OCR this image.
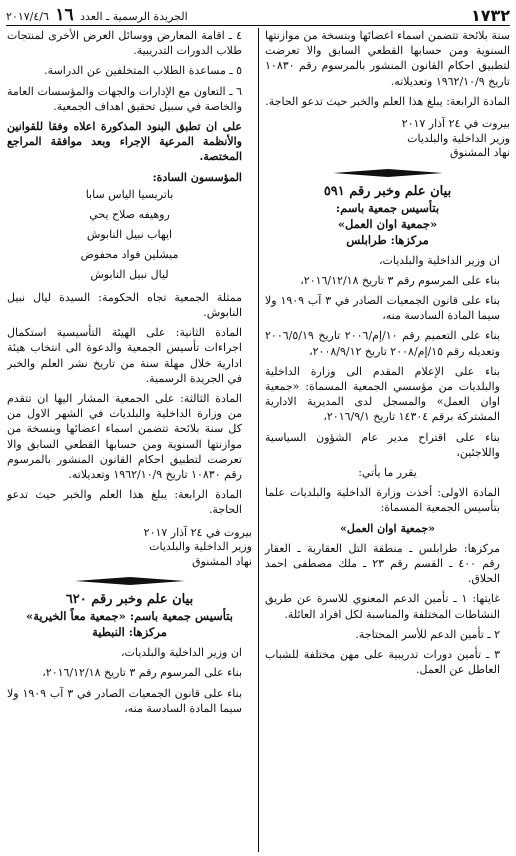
١٧٣٢
الجريدة الرسمية ـ العدد ١٦ ٢٠١٧/٤/٦

سنة بلائحة تتضمن اسماء اعضائها وبنسخة من موازنتها السنوية ومن حسابها القطعي السابق والا تعرضت لتطبيق احكام القانون المنشور بالمرسوم رقم ١٠٨٣٠ تاريخ ١٩٦٢/١٠/٩ وتعديلاته.

المادة الرابعة: يبلغ هذا العلم والخبر حيث تدعو الحاجة.

بيروت في ٢٤ آذار ٢٠١٧

وزير الداخلية والبلديات

نهاد المشنوق

بيان علم وخبر رقم ٥٩١

بتأسيس جمعية باسم:

«جمعية اوان العمل»

مركزها: طرابلس

ان وزير الداخلية والبلديات،

بناء على المرسوم رقم ٣ تاريخ ٢٠١٦/١٢/١٨،

بناء على قانون الجمعيات الصادر في ٣ آب ١٩٠٩ ولا سيما المادة السادسة منه،

بناء على التعميم رقم ١٠/إم/٢٠٠٦ تاريخ ٢٠٠٦/٥/١٩ وتعديله رقم ١٥/إم/٢٠٠٨ تاريخ ٢٠٠٨/٩/١٢،

بناء على الإعلام المقدم الى وزارة الداخلية والبلديات من مؤسسي الجمعية المسماة: «جمعية اوان العمل» والمسجل لدى المديرية الادارية المشتركة برقم ١٤٣٠٤ تاريخ ٢٠١٦/٩/١،

بناء على اقتراح مدير عام الشؤون السياسية واللاجئين،

يقرر ما يأتي:

المادة الاولى: أخذت وزارة الداخلية والبلديات علما بتأسيس الجمعية المسماة:

«جمعية اوان العمل»

مركزها: طرابلس ـ منطقة التل العقارية ـ العقار رقم ٤٠٠ ـ القسم رقم ٢٣ ـ ملك مصطفى احمد الحلاق.

غايتها: ١ ـ تأمين الدعم المعنوي للاسرة عن طريق النشاطات المختلفة والمناسبة لكل افراد العائلة.

٢ ـ تأمين الدعم للأسر المحتاجة.

٣ ـ تأمين دورات تدريبية على مهن مختلفة للشباب العاطل عن العمل.

٤ ـ اقامة المعارض ووسائل العرض الأخرى لمنتجات طلاب الدورات التدريبية.

٥ ـ مساعدة الطلاب المتخلفين عن الدراسة.

٦ ـ التعاون مع الإدارات والجهات والمؤسسات العامة والخاصة في سبيل تحقيق اهداف الجمعية.

على ان تطبق البنود المذكورة اعلاه وفقا للقوانين والأنظمة المرعية الإجراء وبعد موافقة المراجع المختصة.

المؤسسون السادة:

باتريسيا الياس سابا

روهيفه صلاح يحي

ايهاب نبيل النابوش

ميشلين فواد محفوض

ليال نبيل النابوش

ممثلة الجمعية تجاه الحكومة: السيدة ليال نبيل النابوش.

المادة الثانية: على الهيئة التأسيسية استكمال اجراءات تأسيس الجمعية والدعوة الى انتخاب هيئة ادارية خلال مهلة سنة من تاريخ نشر العلم والخبر في الجريدة الرسمية.

المادة الثالثة: على الجمعية المشار اليها ان تتقدم من وزارة الداخلية والبلديات في الشهر الاول من كل سنة بلائحة تتضمن اسماء اعضائها وبنسخة من موازنتها السنوية ومن حسابها القطعي السابق والا تعرضت لتطبيق احكام القانون المنشور بالمرسوم رقم ١٠٨٣٠ تاريخ ١٩٦٢/١٠/٩ وتعديلاته.

المادة الرابعة: يبلغ هذا العلم والخبر حيث تدعو الحاجة.

بيروت في ٢٤ آذار ٢٠١٧

وزير الداخلية والبلديات

نهاد المشنوق

بيان علم وخبر رقم ٦٢٠

بتأسيس جمعية باسم: «جمعية معاً الخيرية»

مركزها: النبطية

ان وزير الداخلية والبلديات،

بناء على المرسوم رقم ٣ تاريخ ٢٠١٦/١٢/١٨،

بناء على قانون الجمعيات الصادر في ٣ آب ١٩٠٩ ولا سيما المادة السادسة منه،
